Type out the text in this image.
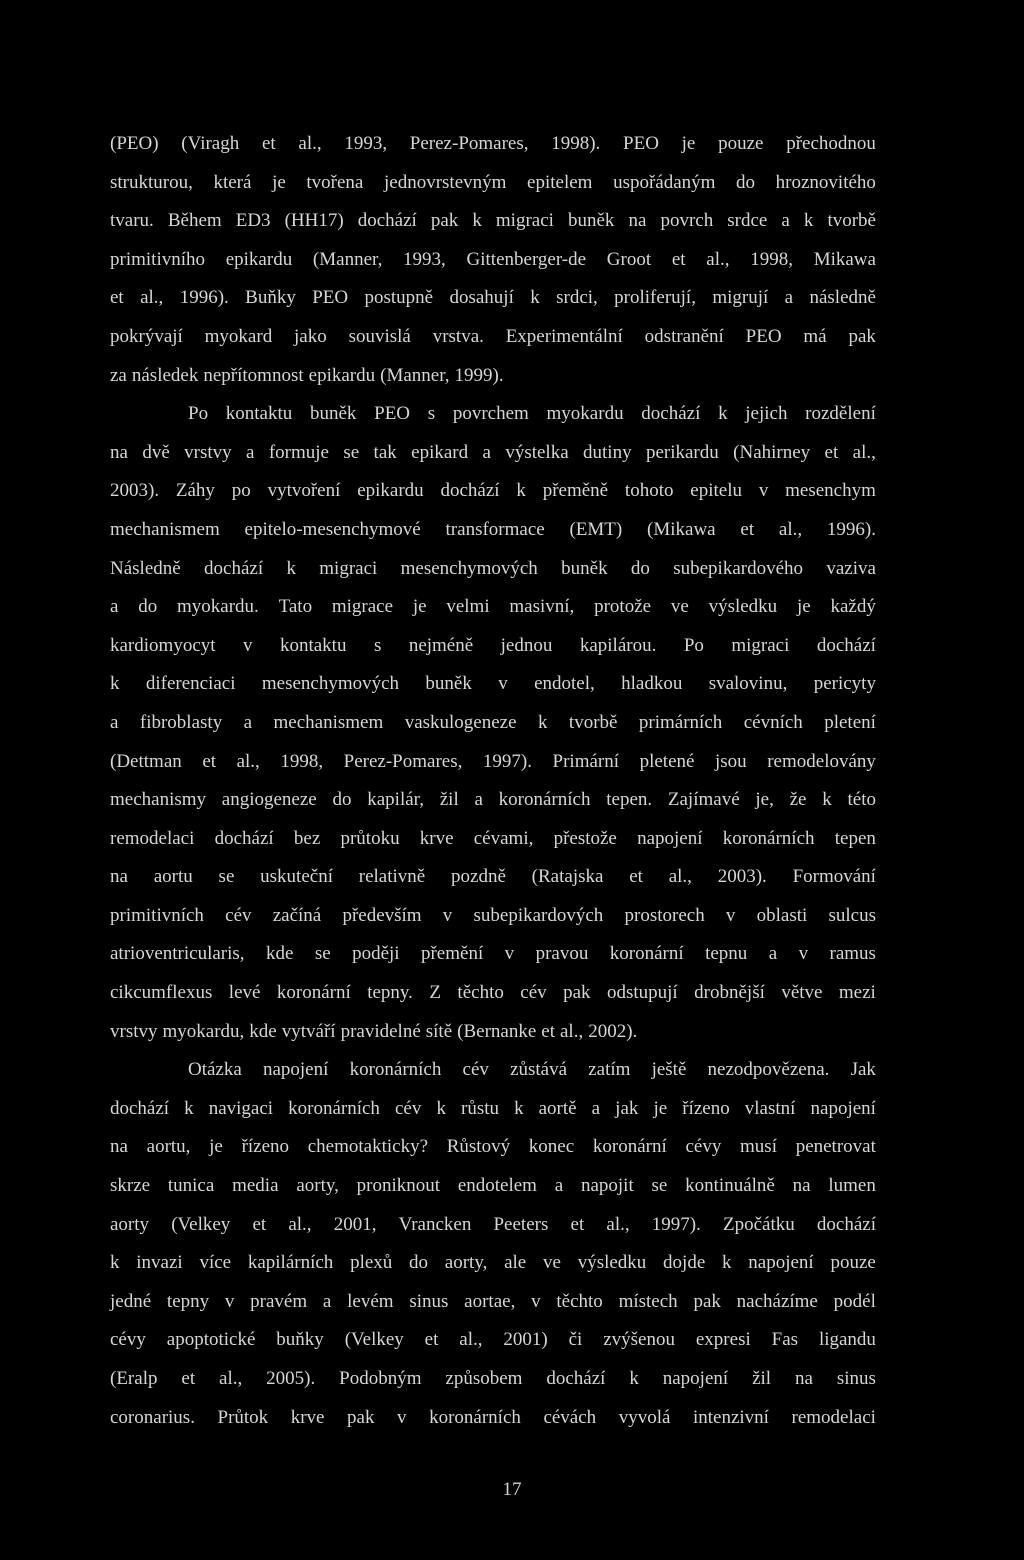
(PEO) (Viragh et al., 1993, Perez-Pomares, 1998). PEO je pouze přechodnou
strukturou, která je tvořena jednovrstevným epitelem uspořádaným do hroznovitého
tvaru. Během ED3 (HH17) dochází pak k migraci buněk na povrch srdce a k tvorbě
primitivního epikardu (Manner, 1993, Gittenberger-de Groot et al., 1998, Mikawa
et al., 1996). Buňky PEO postupně dosahují k srdci, proliferují, migrují a následně
pokrývají myokard jako souvislá vrstva. Experimentální odstranění PEO má pak
za následek nepřítomnost epikardu (Manner, 1999).
Po kontaktu buněk PEO s povrchem myokardu dochází k jejich rozdělení
na dvě vrstvy a formuje se tak epikard a výstelka dutiny perikardu (Nahirney et al.,
2003). Záhy po vytvoření epikardu dochází k přeměně tohoto epitelu v mesenchym
mechanismem epitelo-mesenchymové transformace (EMT) (Mikawa et al., 1996).
Následně dochází k migraci mesenchymových buněk do subepikardového vaziva
a do myokardu. Tato migrace je velmi masivní, protože ve výsledku je každý
kardiomyocyt v kontaktu s nejméně jednou kapilárou. Po migraci dochází
k diferenciaci mesenchymových buněk v endotel, hladkou svalovinu, pericyty
a fibroblasty a mechanismem vaskulogeneze k tvorbě primárních cévních pletení
(Dettman et al., 1998, Perez-Pomares, 1997). Primární pletené jsou remodelovány
mechanismy angiogeneze do kapilár, žil a koronárních tepen. Zajímavé je, že k této
remodelaci dochází bez průtoku krve cévami, přestože napojení koronárních tepen
na aortu se uskuteční relativně pozdně (Ratajska et al., 2003). Formování
primitivních cév začíná především v subepikardových prostorech v oblasti sulcus
atrioventricularis, kde se poději přemění v pravou koronární tepnu a v ramus
cikcumflexus levé koronární tepny. Z těchto cév pak odstupují drobnější větve mezi
vrstvy myokardu, kde vytváří pravidelné sítě (Bernanke et al., 2002).
Otázka napojení koronárních cév zůstává zatím ještě nezodpovězena. Jak
dochází k navigaci koronárních cév k růstu k aortě a jak je řízeno vlastní napojení
na aortu, je řízeno chemotakticky? Růstový konec koronární cévy musí penetrovat
skrze tunica media aorty, proniknout endotelem a napojit se kontinuálně na lumen
aorty (Velkey et al., 2001, Vrancken Peeters et al., 1997). Zpočátku dochází
k invazi více kapilárních plexů do aorty, ale ve výsledku dojde k napojení pouze
jedné tepny v pravém a levém sinus aortae, v těchto místech pak nacházíme podél
cévy apoptotické buňky (Velkey et al., 2001) či zvýšenou expresi Fas ligandu
(Eralp et al., 2005). Podobným způsobem dochází k napojení žil na sinus
coronarius. Průtok krve pak v koronárních cévách vyvolá intenzivní remodelaci
17
